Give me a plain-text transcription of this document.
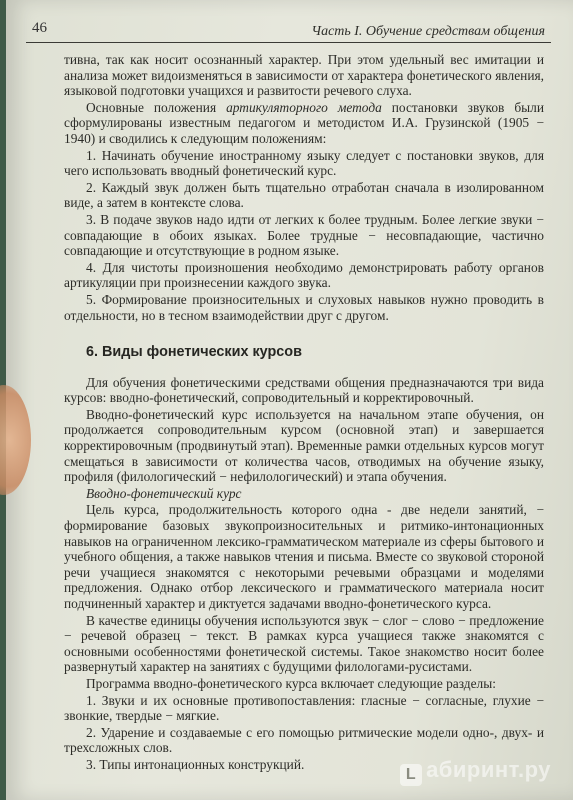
46	Часть I. Обучение средствам общения

тивна, так как носит осознанный характер. При этом удельный вес имитации и анализа может видоизменяться в зависимости от характера фонетического явления, языковой подготовки учащихся и развитости речевого слуха.

Основные положения артикуляторного метода постановки звуков были сформулированы известным педагогом и методистом И.А. Грузинской (1905 − 1940) и сводились к следующим положениям:

1. Начинать обучение иностранному языку следует с постановки звуков, для чего использовать вводный фонетический курс.

2. Каждый звук должен быть тщательно отработан сначала в изолированном виде, а затем в контексте слова.

3. В подаче звуков надо идти от легких к более трудным. Более легкие звуки − совпадающие в обоих языках. Более трудные − несовпадающие, частично совпадающие и отсутствующие в родном языке.

4. Для чистоты произношения необходимо демонстрировать работу органов артикуляции при произнесении каждого звука.

5. Формирование произносительных и слуховых навыков нужно проводить в отдельности, но в тесном взаимодействии друг с другом.

6. Виды фонетических курсов

Для обучения фонетическими средствами общения предназначаются три вида курсов: вводно-фонетический, сопроводительный и корректировочный.

Вводно-фонетический курс используется на начальном этапе обучения, он продолжается сопроводительным курсом (основной этап) и завершается корректировочным (продвинутый этап). Временные рамки отдельных курсов могут смещаться в зависимости от количества часов, отводимых на обучение языку, профиля (филологический − нефилологический) и этапа обучения.

Вводно-фонетический курс

Цель курса, продолжительность которого одна - две недели занятий, − формирование базовых звукопроизносительных и ритмико-интонационных навыков на ограниченном лексико-грамматическом материале из сферы бытового и учебного общения, а также навыков чтения и письма. Вместе со звуковой стороной речи учащиеся знакомятся с некоторыми речевыми образцами и моделями предложения. Однако отбор лексического и грамматического материала носит подчиненный характер и диктуется задачами вводно-фонетического курса.

В качестве единицы обучения используются звук − слог − слово − предложение − речевой образец − текст. В рамках курса учащиеся также знакомятся с основными особенностями фонетической системы. Такое знакомство носит более развернутый характер на занятиях с будущими филологами-русистами.

Программа вводно-фонетического курса включает следующие разделы:

1. Звуки и их основные противопоставления: гласные − согласные, глухие − звонкие, твердые − мягкие.

2. Ударение и создаваемые с его помощью ритмические модели одно-, двух- и трехсложных слов.

3. Типы интонационных конструкций.

L абиринт.ру
